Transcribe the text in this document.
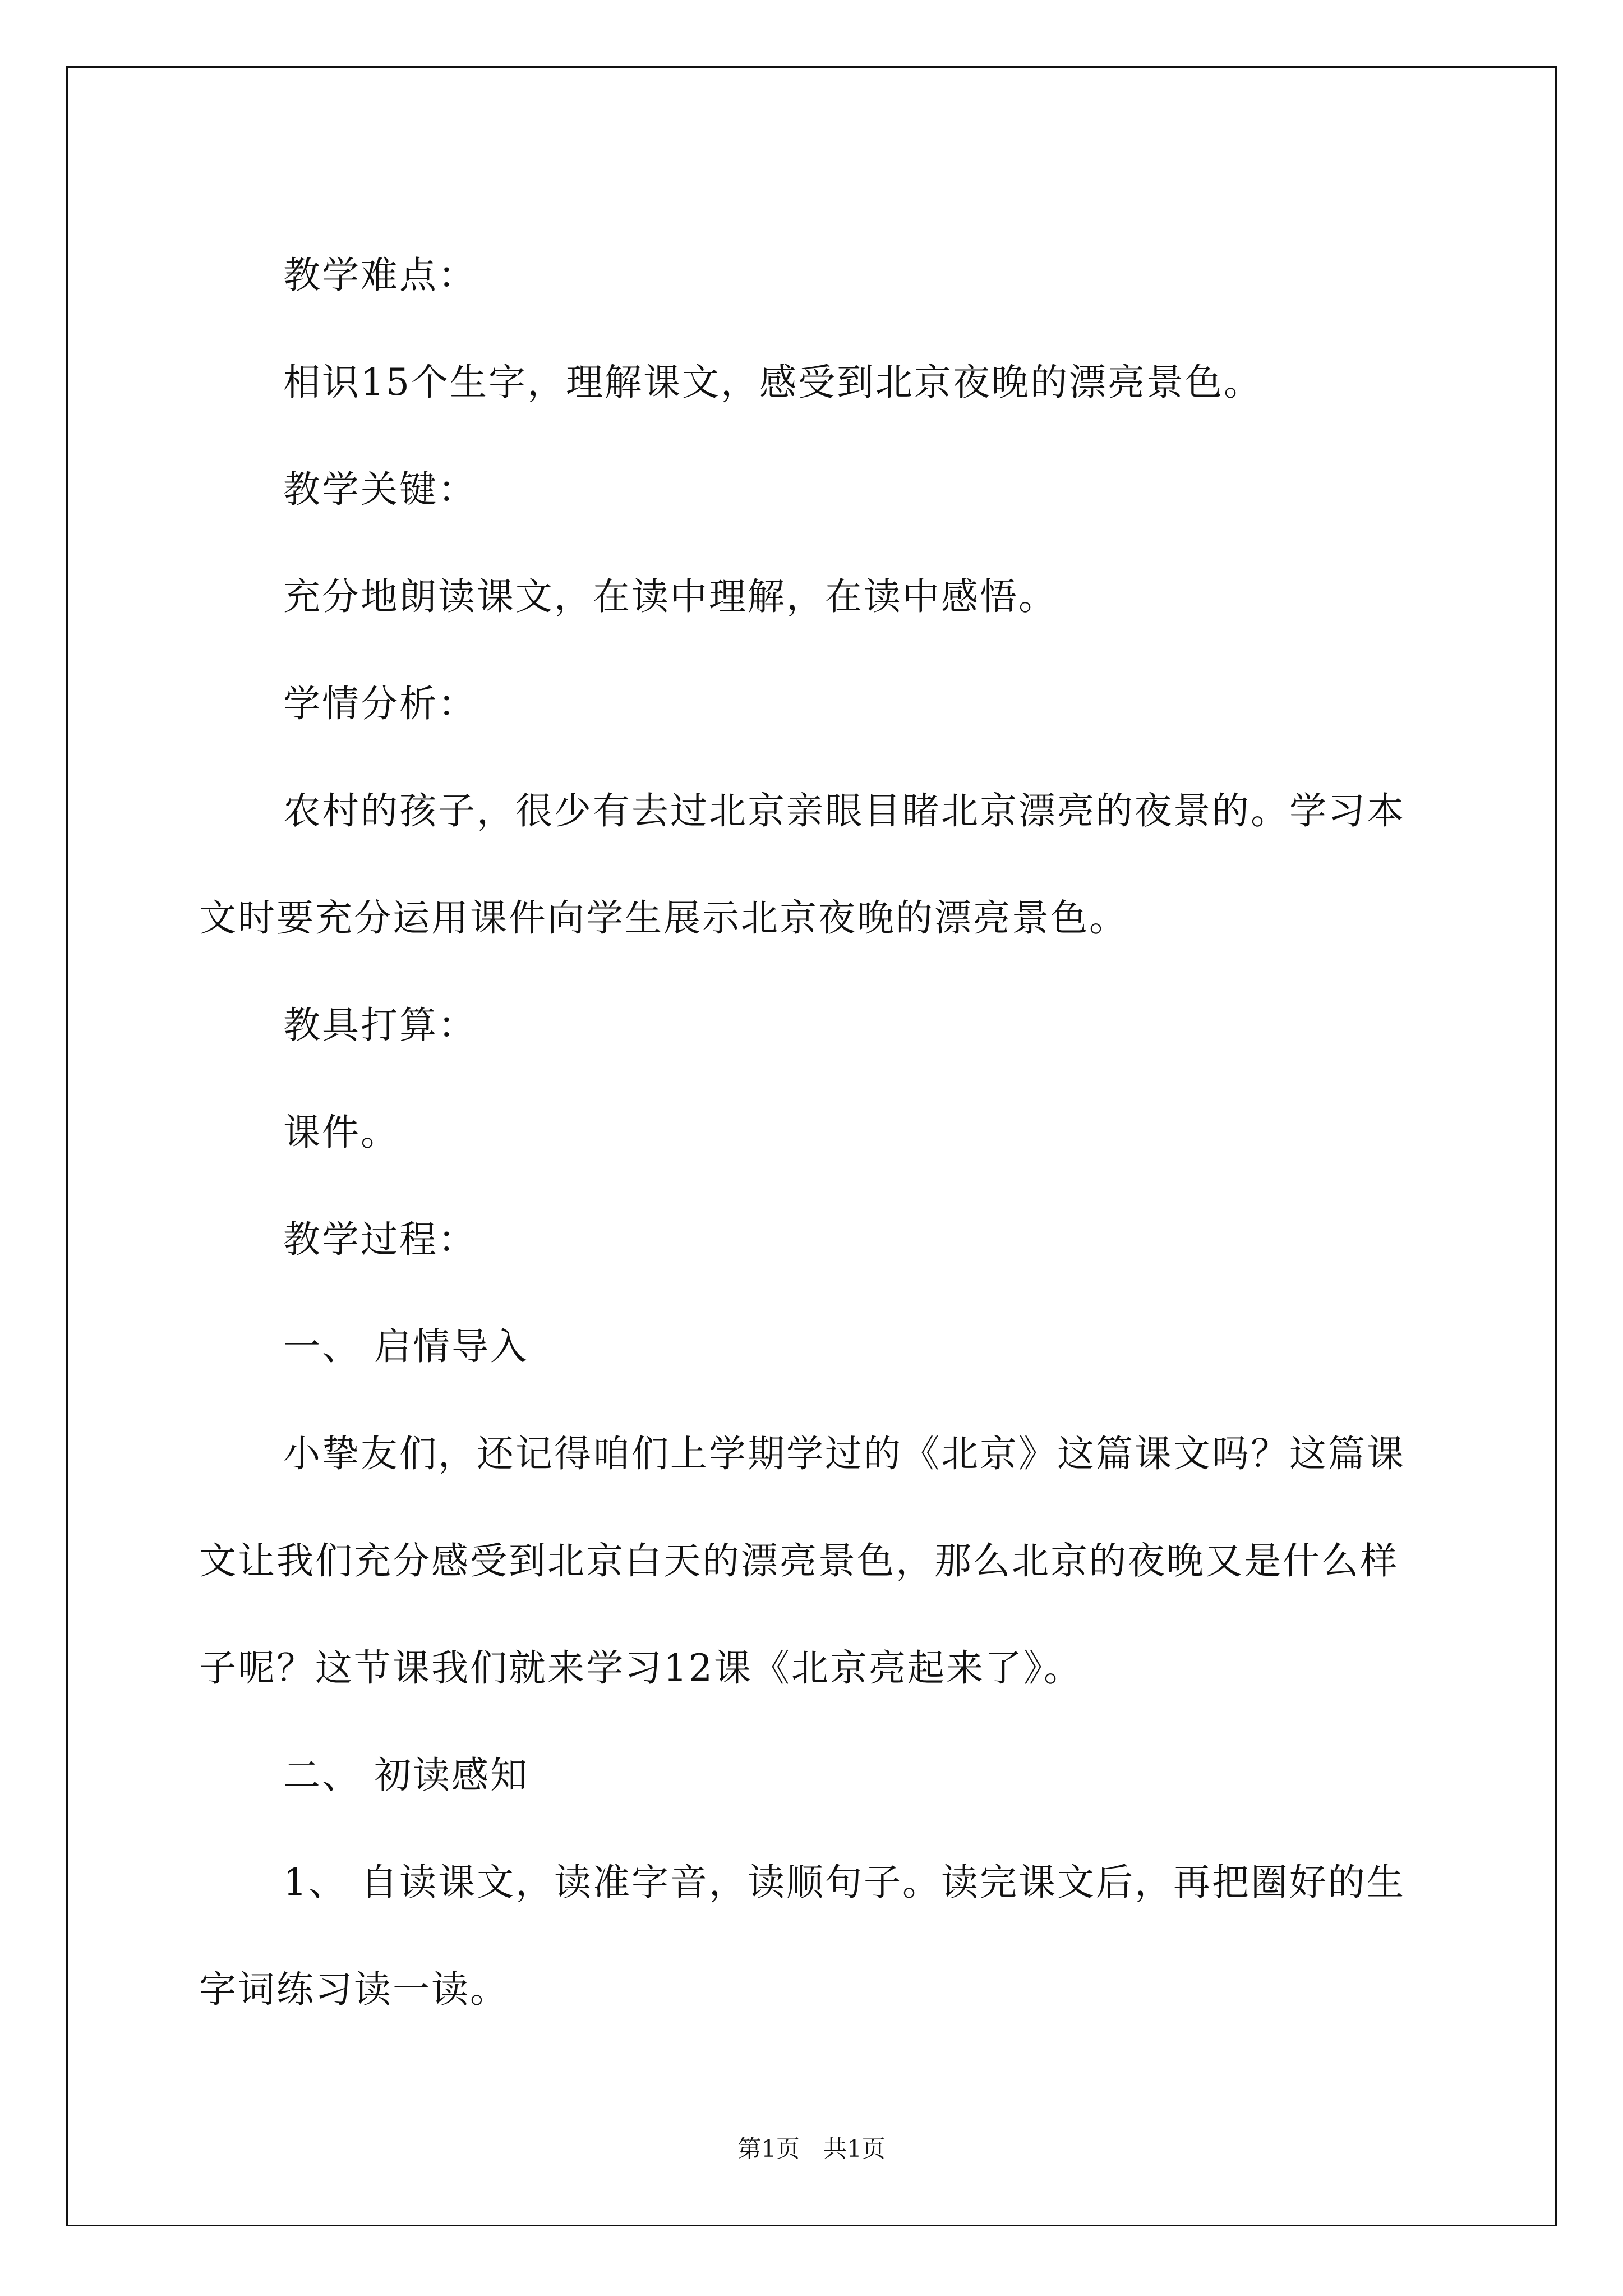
教学难点：

相识15个生字，理解课文，感受到北京夜晚的漂亮景色。

教学关键：

充分地朗读课文，在读中理解，在读中感悟。

学情分析：

农村的孩子，很少有去过北京亲眼目睹北京漂亮的夜景的。学习本文时要充分运用课件向学生展示北京夜晚的漂亮景色。

教具打算：

课件。

教学过程：

一、 启情导入

小挚友们，还记得咱们上学期学过的《北京》这篇课文吗？这篇课文让我们充分感受到北京白天的漂亮景色，那么北京的夜晚又是什么样子呢？这节课我们就来学习12课《北京亮起来了》。

二、 初读感知

1、 自读课文，读准字音，读顺句子。读完课文后，再把圈好的生字词练习读一读。

第1页　共1页
